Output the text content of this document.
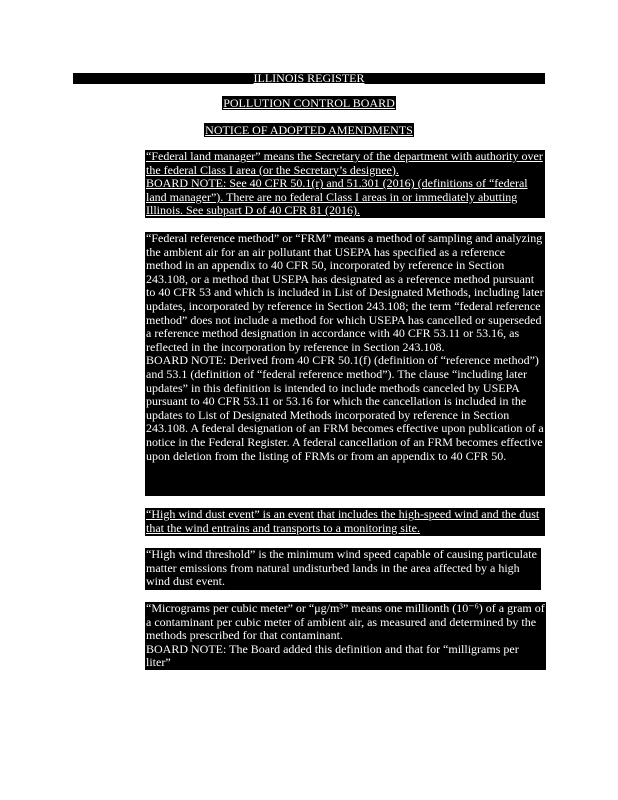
ILLINOIS REGISTER
POLLUTION CONTROL BOARD
NOTICE OF ADOPTED AMENDMENTS
“Federal land manager” means the Secretary of the department with authority over the federal Class I area (or the Secretary’s designee).
BOARD NOTE: See 40 CFR 50.1(r) and 51.301 (2016) (definitions of “federal land manager”). There are no federal Class I areas in or immediately abutting Illinois. See subpart D of 40 CFR 81 (2016).
“Federal reference method” or “FRM” means a method of sampling and analyzing the ambient air for an air pollutant that USEPA has specified as a reference method in an appendix to 40 CFR 50, incorporated by reference in Section 243.108, or a method that USEPA has designated as a reference method pursuant to 40 CFR 53 and which is included in List of Designated Methods, including later updates, incorporated by reference in Section 243.108; the term “federal reference method” does not include a method for which USEPA has cancelled or superseded a reference method designation in accordance with 40 CFR 53.11 or 53.16, as reflected in the incorporation by reference in Section 243.108.
BOARD NOTE: Derived from 40 CFR 50.1(f) (definition of “reference method”) and 53.1 (definition of “federal reference method”). The clause “including later updates” in this definition is intended to include methods canceled by USEPA pursuant to 40 CFR 53.11 or 53.16 for which the cancellation is included in the updates to List of Designated Methods incorporated by reference in Section 243.108. A federal designation of an FRM becomes effective upon publication of a notice in the Federal Register. A federal cancellation of an FRM becomes effective upon deletion from the listing of FRMs or from an appendix to 40 CFR 50.
“High wind dust event” is an event that includes the high-speed wind and the dust that the wind entrains and transports to a monitoring site.
“High wind threshold” is the minimum wind speed capable of causing particulate matter emissions from natural undisturbed lands in the area affected by a high wind dust event.
“Micrograms per cubic meter” or “μg/m³” means one millionth (10⁻⁶) of a gram of a contaminant per cubic meter of ambient air, as measured and determined by the methods prescribed for that contaminant.
BOARD NOTE: The Board added this definition and that for “milligrams per liter”
